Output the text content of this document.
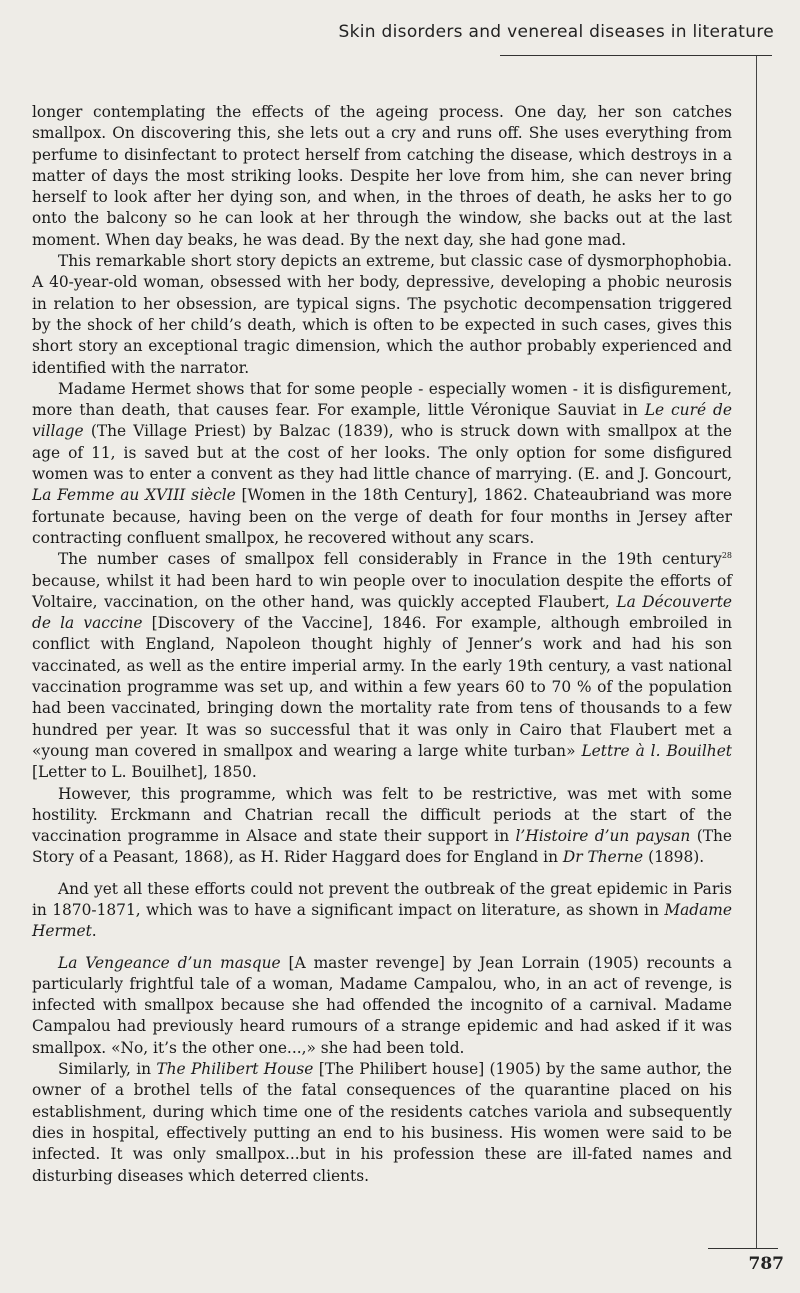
Skin disorders and venereal diseases in literature

longer contemplating the effects of the ageing process. One day, her son catches smallpox. On discovering this, she lets out a cry and runs off. She uses everything from perfume to disinfectant to protect herself from catching the disease, which destroys in a matter of days the most striking looks. Despite her love from him, she can never bring herself to look after her dying son, and when, in the throes of death, he asks her to go onto the balcony so he can look at her through the window, she backs out at the last moment. When day beaks, he was dead. By the next day, she had gone mad.

This remarkable short story depicts an extreme, but classic case of dysmorphophobia. A 40-year-old woman, obsessed with her body, depressive, developing a phobic neurosis in relation to her obsession, are typical signs. The psychotic decompensation triggered by the shock of her child’s death, which is often to be expected in such cases, gives this short story an exceptional tragic dimension, which the author probably experienced and identified with the narrator.

Madame Hermet shows that for some people - especially women - it is disfigurement, more than death, that causes fear. For example, little Véronique Sauviat in Le curé de village (The Village Priest) by Balzac (1839), who is struck down with smallpox at the age of 11, is saved but at the cost of her looks. The only option for some disfigured women was to enter a convent as they had little chance of marrying. (E. and J. Goncourt, La Femme au XVIII siècle [Women in the 18th Century], 1862. Chateaubriand was more fortunate because, having been on the verge of death for four months in Jersey after contracting confluent smallpox, he recovered without any scars.

The number cases of smallpox fell considerably in France in the 19th century$^{28}$ because, whilst it had been hard to win people over to inoculation despite the efforts of Voltaire, vaccination, on the other hand, was quickly accepted Flaubert, La Découverte de la vaccine [Discovery of the Vaccine], 1846. For example, although embroiled in conflict with England, Napoleon thought highly of Jenner’s work and had his son vaccinated, as well as the entire imperial army. In the early 19th century, a vast national vaccination programme was set up, and within a few years 60 to 70 % of the population had been vaccinated, bringing down the mortality rate from tens of thousands to a few hundred per year. It was so successful that it was only in Cairo that Flaubert met a «young man covered in smallpox and wearing a large white turban» Lettre à l. Bouilhet [Letter to L. Bouilhet], 1850.

However, this programme, which was felt to be restrictive, was met with some hostility. Erckmann and Chatrian recall the difficult periods at the start of the vaccination programme in Alsace and state their support in l’Histoire d’un paysan (The Story of a Peasant, 1868), as H. Rider Haggard does for England in Dr Therne (1898).

And yet all these efforts could not prevent the outbreak of the great epidemic in Paris in 1870-1871, which was to have a significant impact on literature, as shown in Madame Hermet.

La Vengeance d’un masque [A master revenge] by Jean Lorrain (1905) recounts a particularly frightful tale of a woman, Madame Campalou, who, in an act of revenge, is infected with smallpox because she had offended the incognito of a carnival. Madame Campalou had previously heard rumours of a strange epidemic and had asked if it was smallpox. «No, it’s the other one...,» she had been told.

Similarly, in The Philibert House [The Philibert house] (1905) by the same author, the owner of a brothel tells of the fatal consequences of the quarantine placed on his establishment, during which time one of the residents catches variola and subsequently dies in hospital, effectively putting an end to his business. His women were said to be infected. It was only smallpox...but in his profession these are ill-fated names and disturbing diseases which deterred clients.

787
